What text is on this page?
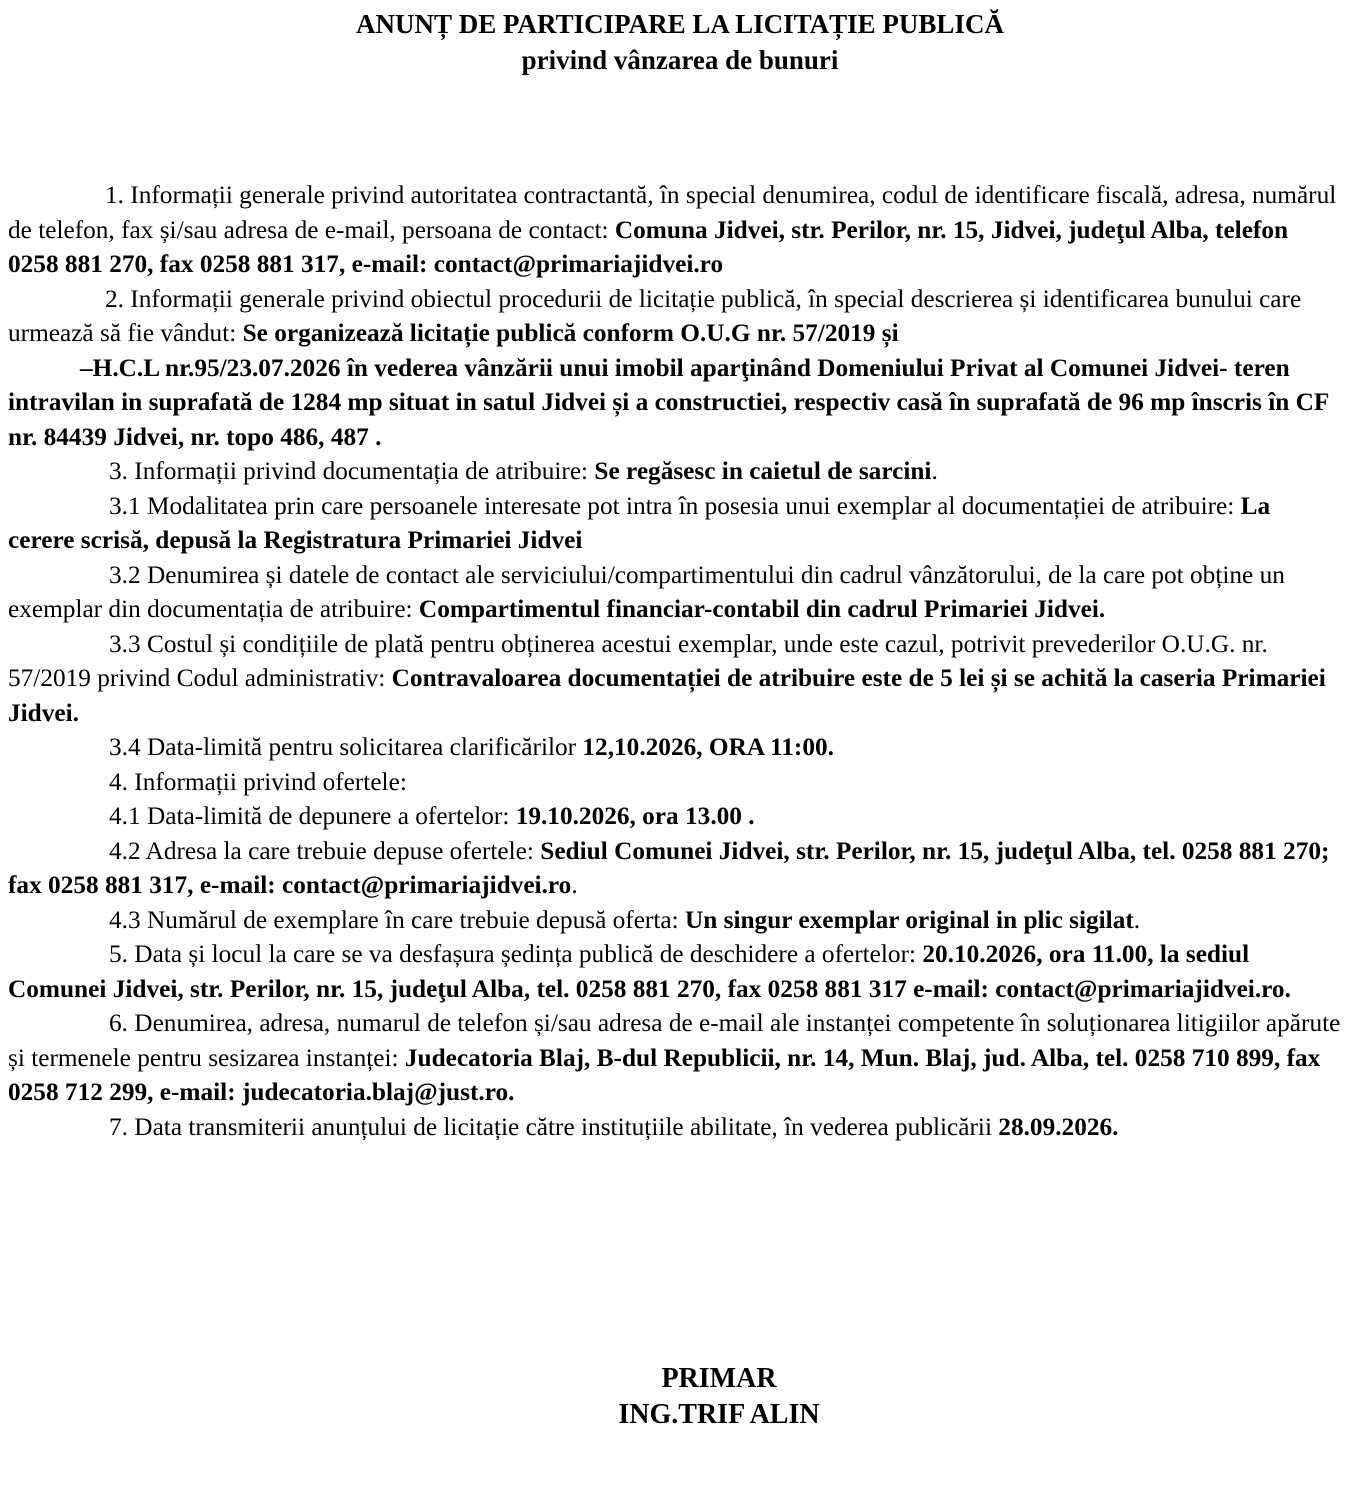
ANUNȚ DE PARTICIPARE LA LICITAȚIE PUBLICĂ
privind vânzarea de bunuri

1. Informații generale privind autoritatea contractantă, în special denumirea, codul de identificare fiscală, adresa, numărul de telefon, fax și/sau adresa de e-mail, persoana de contact: Comuna Jidvei, str. Perilor, nr. 15, Jidvei, judeţul Alba, telefon 0258 881 270, fax 0258 881 317, e-mail: contact@primariajidvei.ro

2. Informații generale privind obiectul procedurii de licitație publică, în special descrierea și identificarea bunului care urmează să fie vândut: Se organizează licitație publică conform O.U.G nr. 57/2019 și

–H.C.L nr.95/23.07.2026 în vederea vânzării unui imobil aparţinând Domeniului Privat al Comunei Jidvei- teren intravilan in suprafată de 1284 mp situat in satul Jidvei și a constructiei, respectiv casă în suprafată de 96 mp înscris în CF nr. 84439 Jidvei, nr. topo 486, 487 .

3. Informații privind documentația de atribuire: Se regăsesc in caietul de sarcini.

3.1 Modalitatea prin care persoanele interesate pot intra în posesia unui exemplar al documentației de atribuire: La cerere scrisă, depusă la Registratura Primariei Jidvei

3.2 Denumirea și datele de contact ale serviciului/compartimentului din cadrul vânzătorului, de la care pot obține un exemplar din documentația de atribuire: Compartimentul financiar-contabil din cadrul Primariei Jidvei.

3.3 Costul și condițiile de plată pentru obținerea acestui exemplar, unde este cazul, potrivit prevederilor O.U.G. nr. 57/2019 privind Codul administrativ: Contravaloarea documentației de atribuire este de 5 lei și se achită la caseria Primariei Jidvei.

3.4 Data-limită pentru solicitarea clarificărilor 12,10.2026, ORA 11:00.

4. Informații privind ofertele:

4.1 Data-limită de depunere a ofertelor: 19.10.2026, ora 13.00 .

4.2 Adresa la care trebuie depuse ofertele: Sediul Comunei Jidvei, str. Perilor, nr. 15, judeţul Alba, tel. 0258 881 270; fax 0258 881 317, e-mail: contact@primariajidvei.ro.

4.3 Numărul de exemplare în care trebuie depusă oferta: Un singur exemplar original in plic sigilat.

5. Data și locul la care se va desfașura ședința publică de deschidere a ofertelor: 20.10.2026, ora 11.00, la sediul Comunei Jidvei, str. Perilor, nr. 15, judeţul Alba, tel. 0258 881 270, fax 0258 881 317 e-mail: contact@primariajidvei.ro.

6. Denumirea, adresa, numarul de telefon și/sau adresa de e-mail ale instanței competente în soluționarea litigiilor apărute și termenele pentru sesizarea instanței: Judecatoria Blaj, B-dul Republicii, nr. 14, Mun. Blaj, jud. Alba, tel. 0258 710 899, fax 0258 712 299, e-mail: judecatoria.blaj@just.ro.

7. Data transmiterii anunțului de licitație către instituțiile abilitate, în vederea publicării 28.09.2026.

PRIMAR
ING.TRIF ALIN
